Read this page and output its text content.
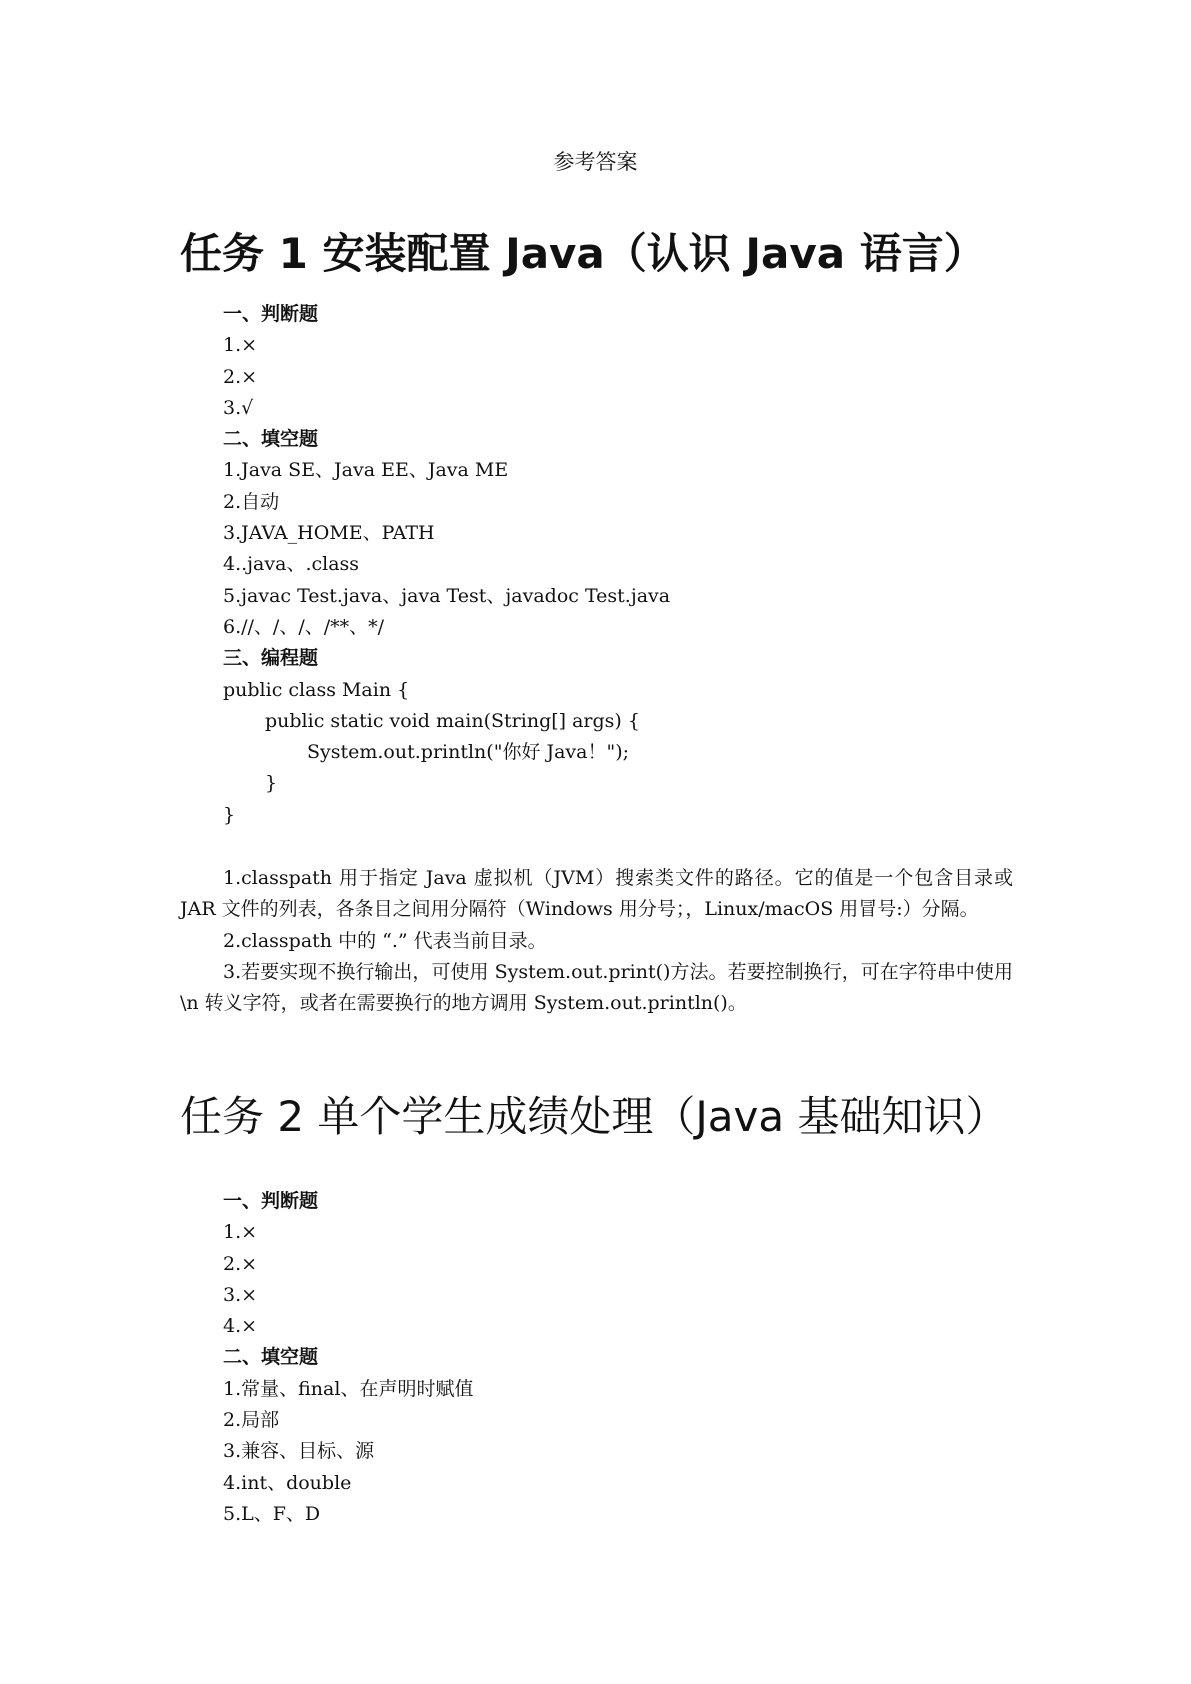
参考答案
任务 1 安装配置 Java（认识 Java 语言）
一、判断题
1.×
2.×
3.√
二、填空题
1.Java SE、Java EE、Java ME
2.自动
3.JAVA_HOME、PATH
4..java、.class
5.javac Test.java、java Test、javadoc Test.java
6.//、/、/、/**、*/
三、编程题
public class Main {
public static void main(String[] args) {
System.out.println("你好 Java！");
}
}
1.classpath 用于指定 Java 虚拟机（JVM）搜索类文件的路径。它的值是一个包含目录或 JAR 文件的列表，各条目之间用分隔符（Windows 用分号；，Linux/macOS 用冒号:）分隔。
2.classpath 中的 “.” 代表当前目录。
3.若要实现不换行输出，可使用 System.out.print()方法。若要控制换行，可在字符串中使用\n 转义字符，或者在需要换行的地方调用 System.out.println()。
任务 2 单个学生成绩处理（Java 基础知识）
一、判断题
1.×
2.×
3.×
4.×
二、填空题
1.常量、final、在声明时赋值
2.局部
3.兼容、目标、源
4.int、double
5.L、F、D
